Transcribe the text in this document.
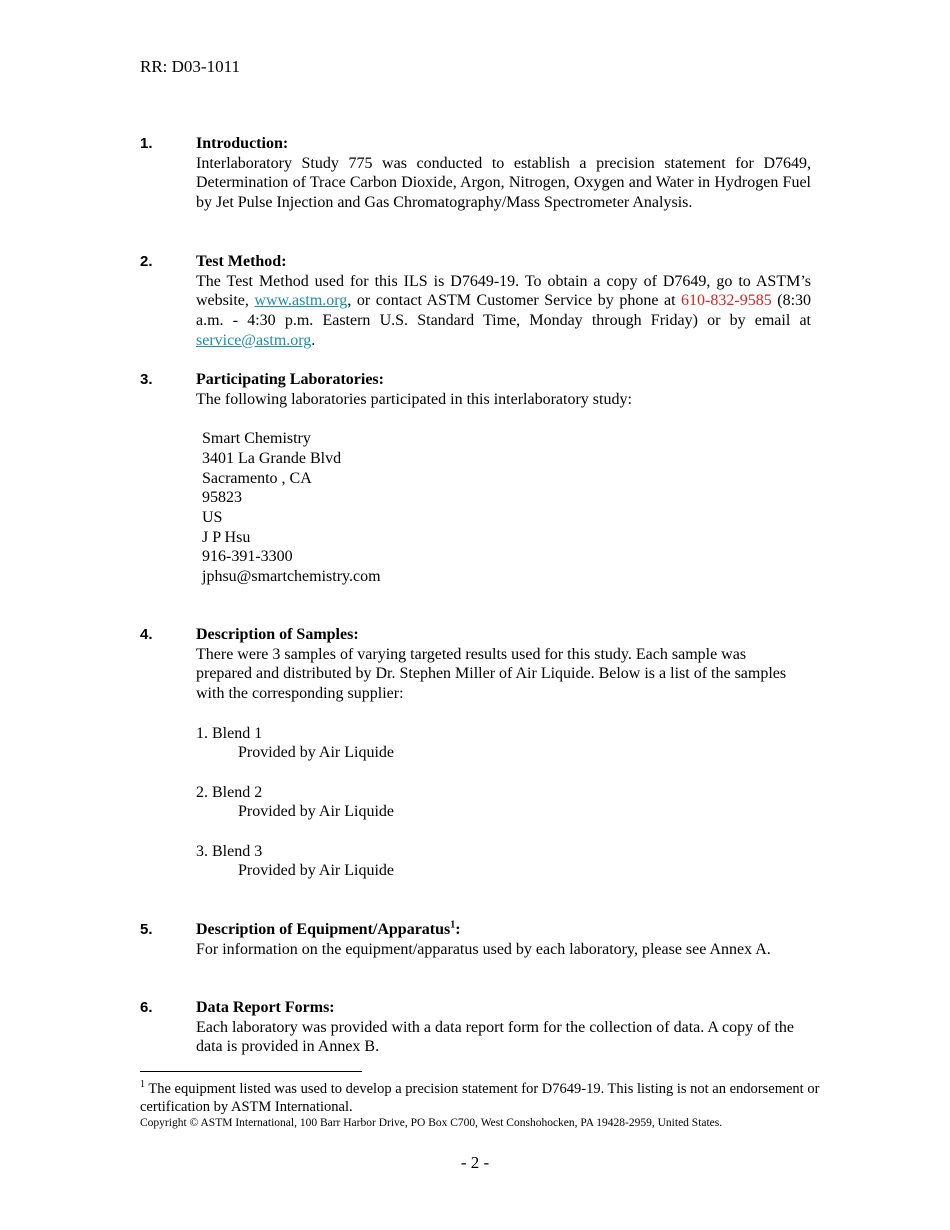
RR: D03-1011
1.	Introduction:
Interlaboratory Study 775 was conducted to establish a precision statement for D7649, Determination of Trace Carbon Dioxide, Argon, Nitrogen, Oxygen and Water in Hydrogen Fuel by Jet Pulse Injection and Gas Chromatography/Mass Spectrometer Analysis.
2.	Test Method:
The Test Method used for this ILS is D7649-19. To obtain a copy of D7649, go to ASTM’s website, www.astm.org, or contact ASTM Customer Service by phone at 610-832-9585 (8:30 a.m. - 4:30 p.m. Eastern U.S. Standard Time, Monday through Friday) or by email at service@astm.org.
3.	Participating Laboratories:
The following laboratories participated in this interlaboratory study:
Smart Chemistry
3401 La Grande Blvd
Sacramento , CA
95823
US
J P Hsu
916-391-3300
jphsu@smartchemistry.com
4.	Description of Samples:
There were 3 samples of varying targeted results used for this study. Each sample was prepared and distributed by Dr. Stephen Miller of Air Liquide. Below is a list of the samples with the corresponding supplier:
1. Blend 1
Provided by Air Liquide
2. Blend 2
Provided by Air Liquide
3. Blend 3
Provided by Air Liquide
5.	Description of Equipment/Apparatus$^1$:
For information on the equipment/apparatus used by each laboratory, please see Annex A.
6.	Data Report Forms:
Each laboratory was provided with a data report form for the collection of data. A copy of the data is provided in Annex B.
$^1$ The equipment listed was used to develop a precision statement for D7649-19. This listing is not an endorsement or certification by ASTM International.
Copyright © ASTM International, 100 Barr Harbor Drive, PO Box C700, West Conshohocken, PA 19428-2959, United States.
- 2 -
